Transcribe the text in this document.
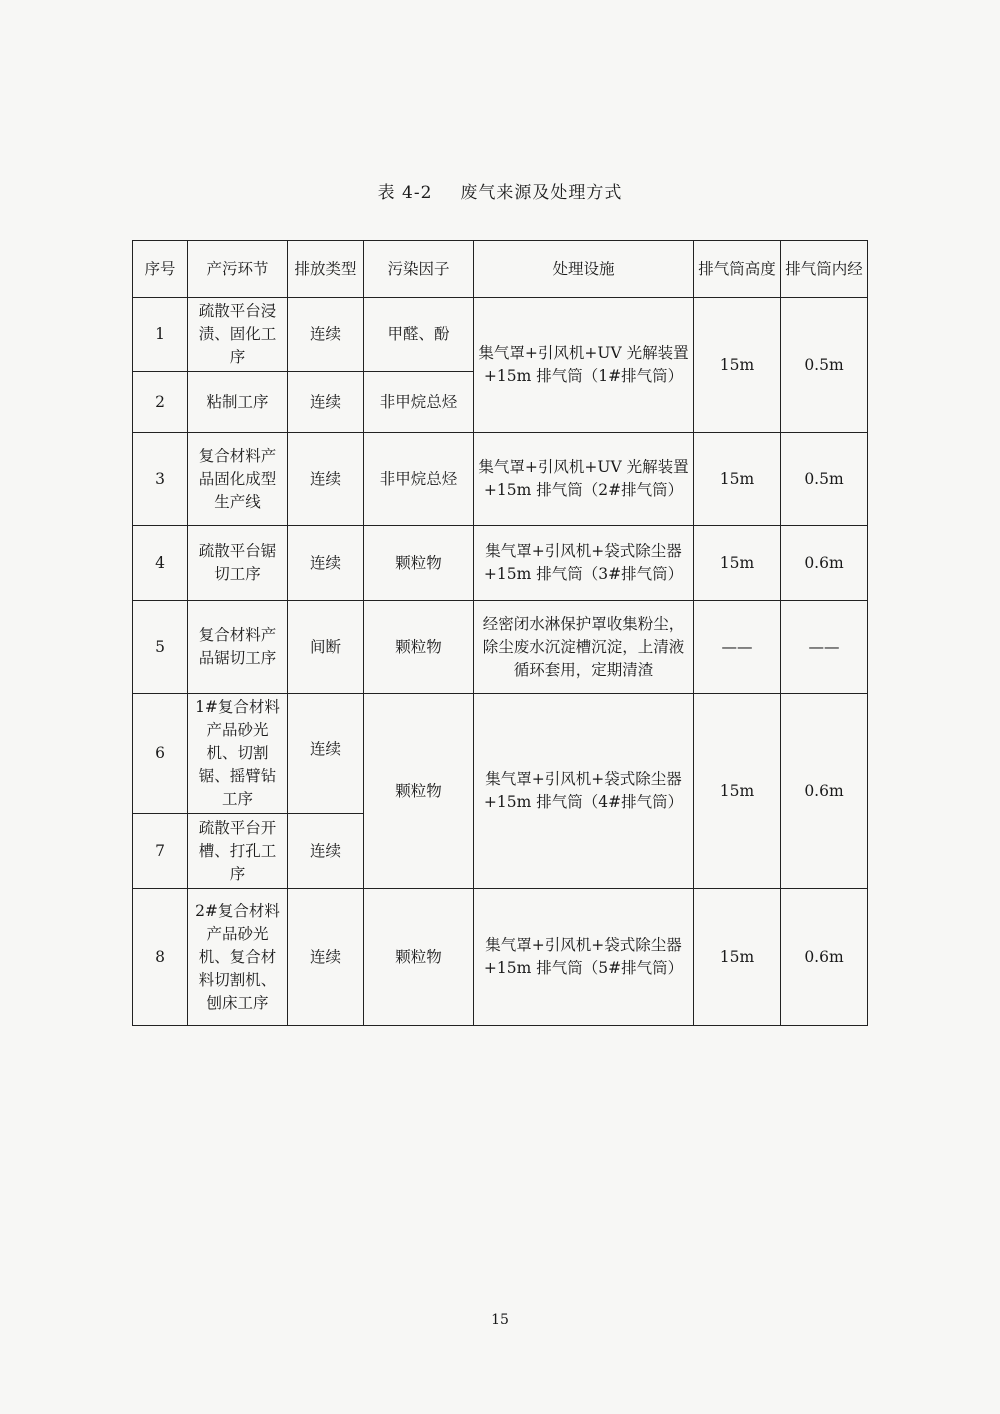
表 4-2 废气来源及处理方式
序号	产污环节	排放类型	污染因子	处理设施	排气筒高度	排气筒内经
1	疏散平台浸渍、固化工序	连续	甲醛、酚	集气罩+引风机+UV 光解装置+15m 排气筒（1#排气筒）	15m	0.5m
2	粘制工序	连续	非甲烷总烃			
3	复合材料产品固化成型生产线	连续	非甲烷总烃	集气罩+引风机+UV 光解装置+15m 排气筒（2#排气筒）	15m	0.5m
4	疏散平台锯切工序	连续	颗粒物	集气罩+引风机+袋式除尘器+15m 排气筒（3#排气筒）	15m	0.6m
5	复合材料产品锯切工序	间断	颗粒物	经密闭水淋保护罩收集粉尘，除尘废水沉淀槽沉淀，上清液循环套用，定期清渣	——	——
6	1#复合材料产品砂光机、切割锯、摇臂钻工序	连续	颗粒物	集气罩+引风机+袋式除尘器+15m 排气筒（4#排气筒）	15m	0.6m
7	疏散平台开槽、打孔工序	连续				
8	2#复合材料产品砂光机、复合材料切割机、刨床工序	连续	颗粒物	集气罩+引风机+袋式除尘器+15m 排气筒（5#排气筒）	15m	0.6m
15
